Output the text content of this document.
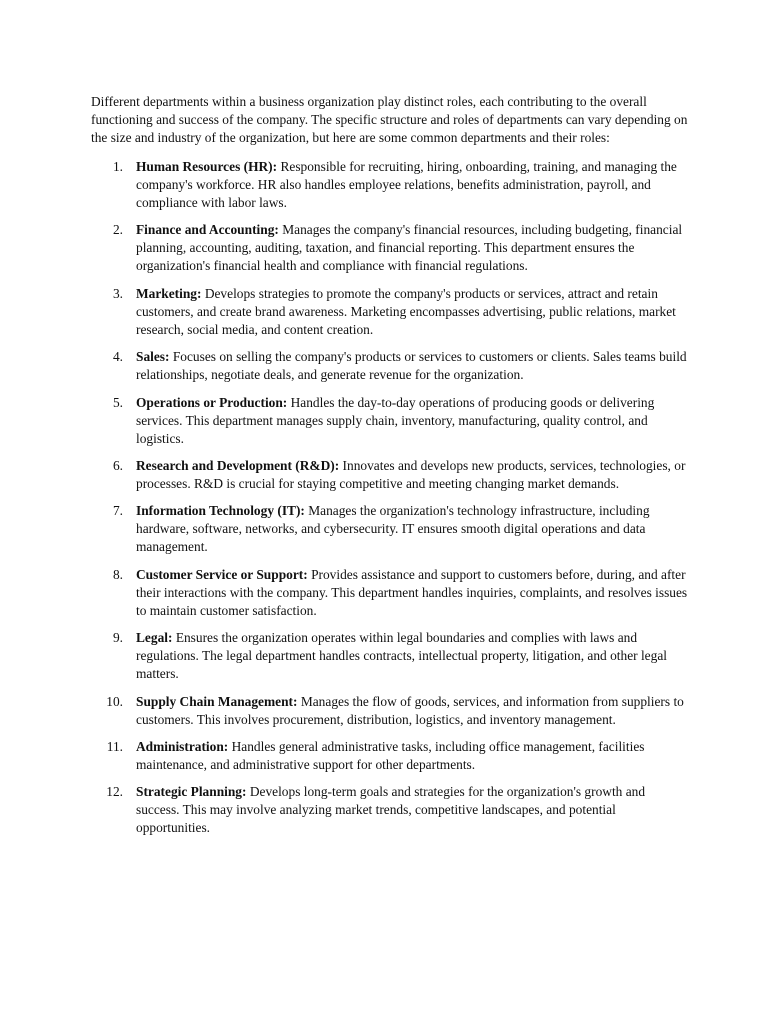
Different departments within a business organization play distinct roles, each contributing to the overall functioning and success of the company. The specific structure and roles of departments can vary depending on the size and industry of the organization, but here are some common departments and their roles:

1. Human Resources (HR): Responsible for recruiting, hiring, onboarding, training, and managing the company's workforce. HR also handles employee relations, benefits administration, payroll, and compliance with labor laws.
2. Finance and Accounting: Manages the company's financial resources, including budgeting, financial planning, accounting, auditing, taxation, and financial reporting. This department ensures the organization's financial health and compliance with financial regulations.
3. Marketing: Develops strategies to promote the company's products or services, attract and retain customers, and create brand awareness. Marketing encompasses advertising, public relations, market research, social media, and content creation.
4. Sales: Focuses on selling the company's products or services to customers or clients. Sales teams build relationships, negotiate deals, and generate revenue for the organization.
5. Operations or Production: Handles the day-to-day operations of producing goods or delivering services. This department manages supply chain, inventory, manufacturing, quality control, and logistics.
6. Research and Development (R&D): Innovates and develops new products, services, technologies, or processes. R&D is crucial for staying competitive and meeting changing market demands.
7. Information Technology (IT): Manages the organization's technology infrastructure, including hardware, software, networks, and cybersecurity. IT ensures smooth digital operations and data management.
8. Customer Service or Support: Provides assistance and support to customers before, during, and after their interactions with the company. This department handles inquiries, complaints, and resolves issues to maintain customer satisfaction.
9. Legal: Ensures the organization operates within legal boundaries and complies with laws and regulations. The legal department handles contracts, intellectual property, litigation, and other legal matters.
10. Supply Chain Management: Manages the flow of goods, services, and information from suppliers to customers. This involves procurement, distribution, logistics, and inventory management.
11. Administration: Handles general administrative tasks, including office management, facilities maintenance, and administrative support for other departments.
12. Strategic Planning: Develops long-term goals and strategies for the organization's growth and success. This may involve analyzing market trends, competitive landscapes, and potential opportunities.
